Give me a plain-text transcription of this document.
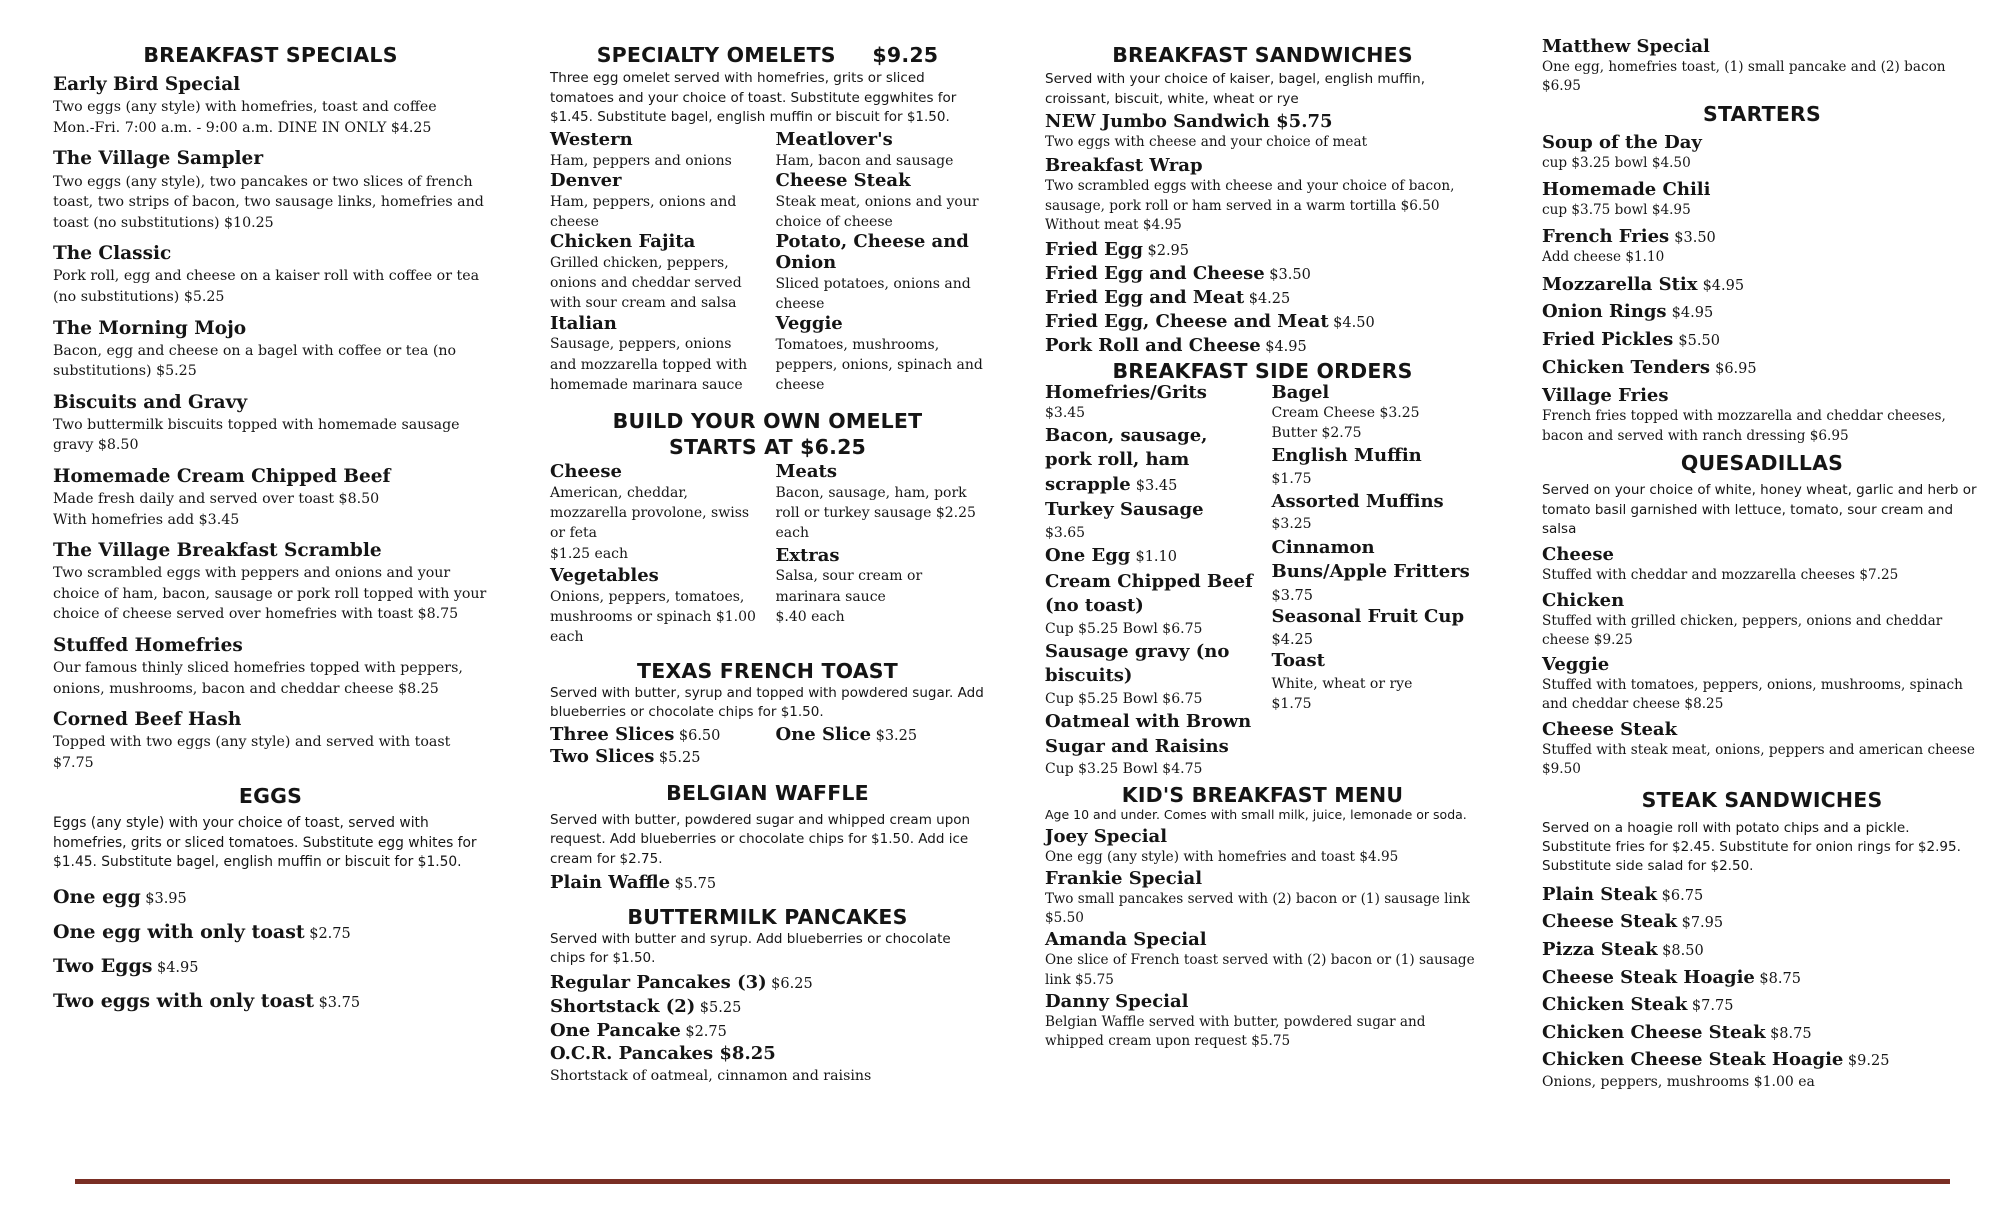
BREAKFAST SPECIALS
Early Bird Special
Two eggs (any style) with homefries, toast and coffee
Mon.-Fri. 7:00 a.m. - 9:00 a.m. DINE IN ONLY $4.25
The Village Sampler
Two eggs (any style), two pancakes or two slices of french toast, two strips of bacon, two sausage links, homefries and toast (no substitutions) $10.25
The Classic
Pork roll, egg and cheese on a kaiser roll with coffee or tea (no substitutions) $5.25
The Morning Mojo
Bacon, egg and cheese on a bagel with coffee or tea (no substitutions) $5.25
Biscuits and Gravy
Two buttermilk biscuits topped with homemade sausage gravy $8.50
Homemade Cream Chipped Beef
Made fresh daily and served over toast $8.50
With homefries add $3.45
The Village Breakfast Scramble
Two scrambled eggs with peppers and onions and your choice of ham, bacon, sausage or pork roll topped with your choice of cheese served over homefries with toast $8.75
Stuffed Homefries
Our famous thinly sliced homefries topped with peppers, onions, mushrooms, bacon and cheddar cheese $8.25
Corned Beef Hash
Topped with two eggs (any style) and served with toast $7.75
EGGS
Eggs (any style) with your choice of toast, served with homefries, grits or sliced tomatoes. Substitute egg whites for $1.45. Substitute bagel, english muffin or biscuit for $1.50.
One egg $3.95
One egg with only toast $2.75
Two Eggs $4.95
Two eggs with only toast $3.75
SPECIALTY OMELETS     $9.25
Three egg omelet served with homefries, grits or sliced tomatoes and your choice of toast. Substitute eggwhites for $1.45. Substitute bagel, english muffin or biscuit for $1.50.
Western
Ham, peppers and onions
Denver
Ham, peppers, onions and cheese
Chicken Fajita
Grilled chicken, peppers, onions and cheddar served with sour cream and salsa
Italian
Sausage, peppers, onions and mozzarella topped with homemade marinara sauce
Meatlover's
Ham, bacon and sausage
Cheese Steak
Steak meat, onions and your choice of cheese
Potato, Cheese and Onion
Sliced potatoes, onions and cheese
Veggie
Tomatoes, mushrooms, peppers, onions, spinach and cheese
BUILD YOUR OWN OMELET
STARTS AT $6.25
Cheese
American, cheddar, mozzarella provolone, swiss or feta
$1.25 each
Vegetables
Onions, peppers, tomatoes, mushrooms or spinach $1.00 each
Meats
Bacon, sausage, ham, pork roll or turkey sausage $2.25 each
Extras
Salsa, sour cream or marinara sauce
$.40 each
TEXAS FRENCH TOAST
Served with butter, syrup and topped with powdered sugar. Add blueberries or chocolate chips for $1.50.
Three Slices $6.50
Two Slices $5.25
One Slice $3.25
BELGIAN WAFFLE
Served with butter, powdered sugar and whipped cream upon request. Add blueberries or chocolate chips for $1.50. Add ice cream for $2.75.
Plain Waffle $5.75
BUTTERMILK PANCAKES
Served with butter and syrup. Add blueberries or chocolate chips for $1.50.
Regular Pancakes (3) $6.25
Shortstack (2) $5.25
One Pancake $2.75
O.C.R. Pancakes $8.25
Shortstack of oatmeal, cinnamon and raisins
BREAKFAST SANDWICHES
Served with your choice of kaiser, bagel, english muffin, croissant, biscuit, white, wheat or rye
NEW Jumbo Sandwich $5.75
Two eggs with cheese and your choice of meat
Breakfast Wrap
Two scrambled eggs with cheese and your choice of bacon, sausage, pork roll or ham served in a warm tortilla $6.50
Without meat $4.95
Fried Egg $2.95
Fried Egg and Cheese $3.50
Fried Egg and Meat $4.25
Fried Egg, Cheese and Meat $4.50
Pork Roll and Cheese $4.95
BREAKFAST SIDE ORDERS
Homefries/Grits
$3.45
Bacon, sausage, pork roll, ham scrapple $3.45
Turkey Sausage
$3.65
One Egg $1.10
Cream Chipped Beef (no toast)
Cup $5.25 Bowl $6.75
Sausage gravy (no biscuits)
Cup $5.25 Bowl $6.75
Oatmeal with Brown Sugar and Raisins
Cup $3.25 Bowl $4.75
Bagel
Cream Cheese $3.25
Butter $2.75
English Muffin
$1.75
Assorted Muffins
$3.25
Cinnamon Buns/Apple Fritters $3.75
Seasonal Fruit Cup $4.25
Toast
White, wheat or rye
$1.75
KID'S BREAKFAST MENU
Age 10 and under. Comes with small milk, juice, lemonade or soda.
Joey Special
One egg (any style) with homefries and toast $4.95
Frankie Special
Two small pancakes served with (2) bacon or (1) sausage link $5.50
Amanda Special
One slice of French toast served with (2) bacon or (1) sausage link $5.75
Danny Special
Belgian Waffle served with butter, powdered sugar and whipped cream upon request $5.75
Matthew Special
One egg, homefries toast, (1) small pancake and (2) bacon $6.95
STARTERS
Soup of the Day
cup $3.25 bowl $4.50
Homemade Chili
cup $3.75 bowl $4.95
French Fries $3.50
Add cheese $1.10
Mozzarella Stix $4.95
Onion Rings $4.95
Fried Pickles $5.50
Chicken Tenders $6.95
Village Fries
French fries topped with mozzarella and cheddar cheeses, bacon and served with ranch dressing $6.95
QUESADILLAS
Served on your choice of white, honey wheat, garlic and herb or tomato basil garnished with lettuce, tomato, sour cream and salsa
Cheese
Stuffed with cheddar and mozzarella cheeses $7.25
Chicken
Stuffed with grilled chicken, peppers, onions and cheddar cheese $9.25
Veggie
Stuffed with tomatoes, peppers, onions, mushrooms, spinach and cheddar cheese $8.25
Cheese Steak
Stuffed with steak meat, onions, peppers and american cheese $9.50
STEAK SANDWICHES
Served on a hoagie roll with potato chips and a pickle. Substitute fries for $2.45. Substitute for onion rings for $2.95. Substitute side salad for $2.50.
Plain Steak $6.75
Cheese Steak $7.95
Pizza Steak $8.50
Cheese Steak Hoagie $8.75
Chicken Steak $7.75
Chicken Cheese Steak $8.75
Chicken Cheese Steak Hoagie $9.25
Onions, peppers, mushrooms $1.00 ea
